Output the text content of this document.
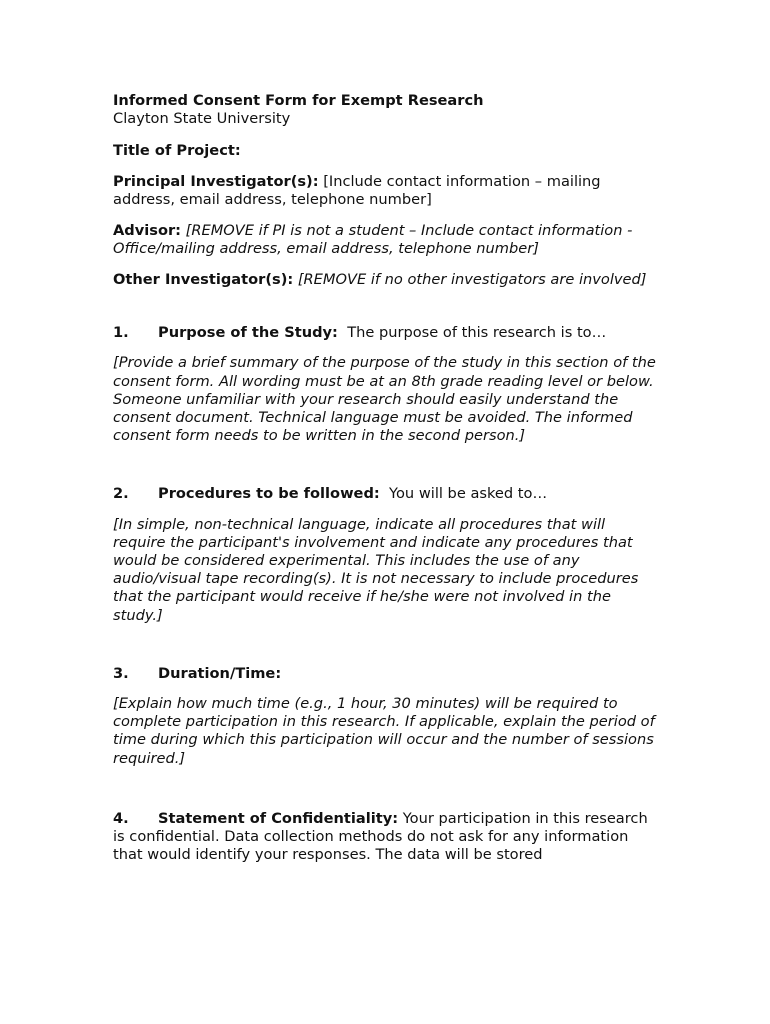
Informed Consent Form for Exempt Research

Clayton State University

Title of Project:

Principal Investigator(s): [Include contact information – mailing address, email address, telephone number]

Advisor: [REMOVE if PI is not a student – Include contact information - Office/mailing address, email address, telephone number]

Other Investigator(s): [REMOVE if no other investigators are involved]

1. Purpose of the Study: The purpose of this research is to…

[Provide a brief summary of the purpose of the study in this section of the consent form. All wording must be at an 8th grade reading level or below. Someone unfamiliar with your research should easily understand the consent document. Technical language must be avoided. The informed consent form needs to be written in the second person.]

2. Procedures to be followed: You will be asked to…

[In simple, non-technical language, indicate all procedures that will require the participant's involvement and indicate any procedures that would be considered experimental. This includes the use of any audio/visual tape recording(s). It is not necessary to include procedures that the participant would receive if he/she were not involved in the study.]

3. Duration/Time:

[Explain how much time (e.g., 1 hour, 30 minutes) will be required to complete participation in this research. If applicable, explain the period of time during which this participation will occur and the number of sessions required.]

4. Statement of Confidentiality: Your participation in this research is confidential. Data collection methods do not ask for any information that would identify your responses. The data will be stored
